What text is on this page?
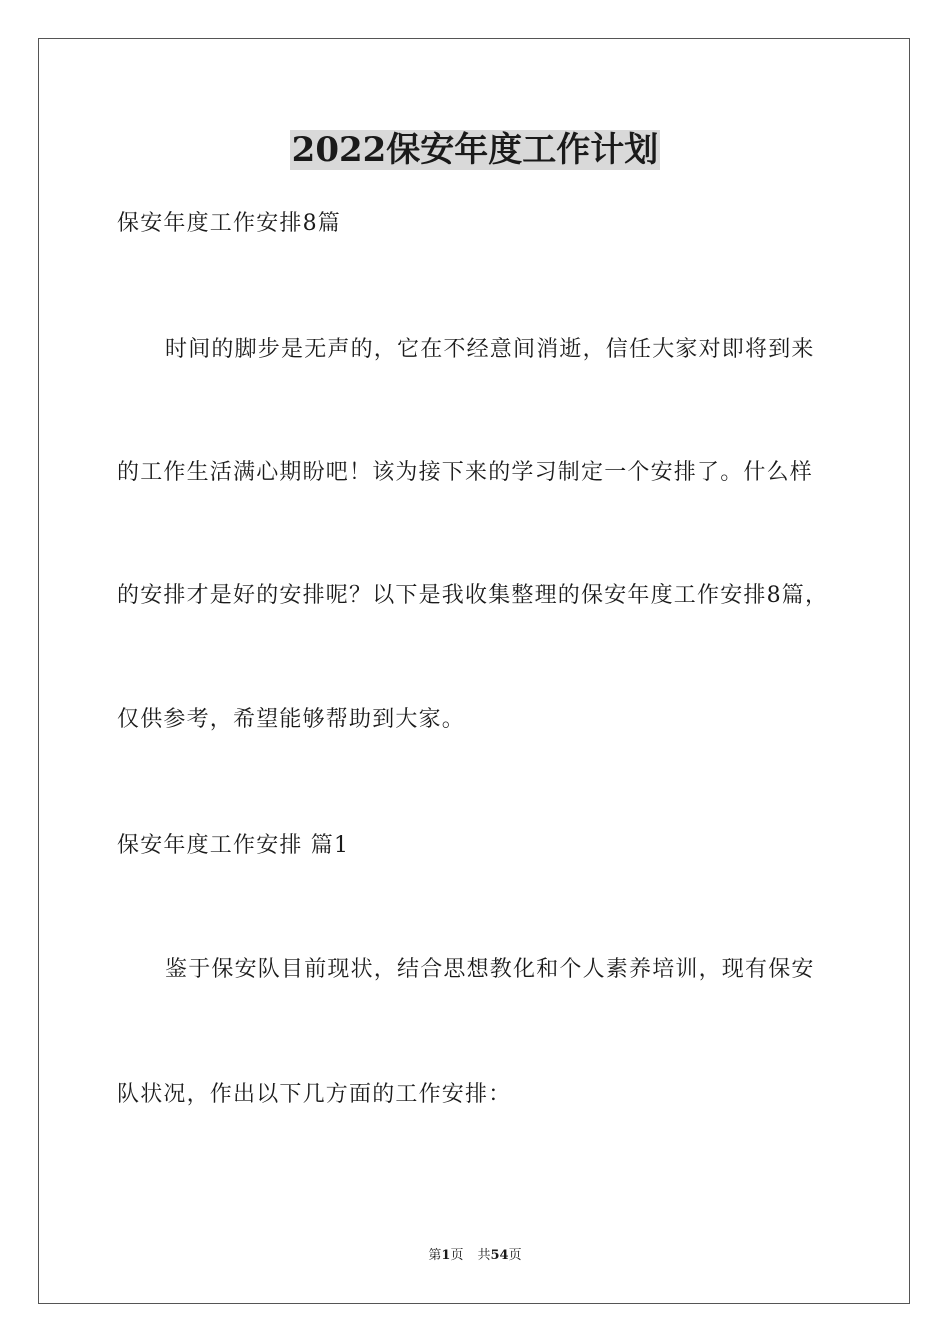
2022保安年度工作计划
保安年度工作安排8篇
时间的脚步是无声的，它在不经意间消逝，信任大家对即将到来
的工作生活满心期盼吧！该为接下来的学习制定一个安排了。什么样
的安排才是好的安排呢？以下是我收集整理的保安年度工作安排8篇，
仅供参考，希望能够帮助到大家。
保安年度工作安排 篇1
鉴于保安队目前现状，结合思想教化和个人素养培训，现有保安
队状况，作出以下几方面的工作安排：
第1页 共54页
